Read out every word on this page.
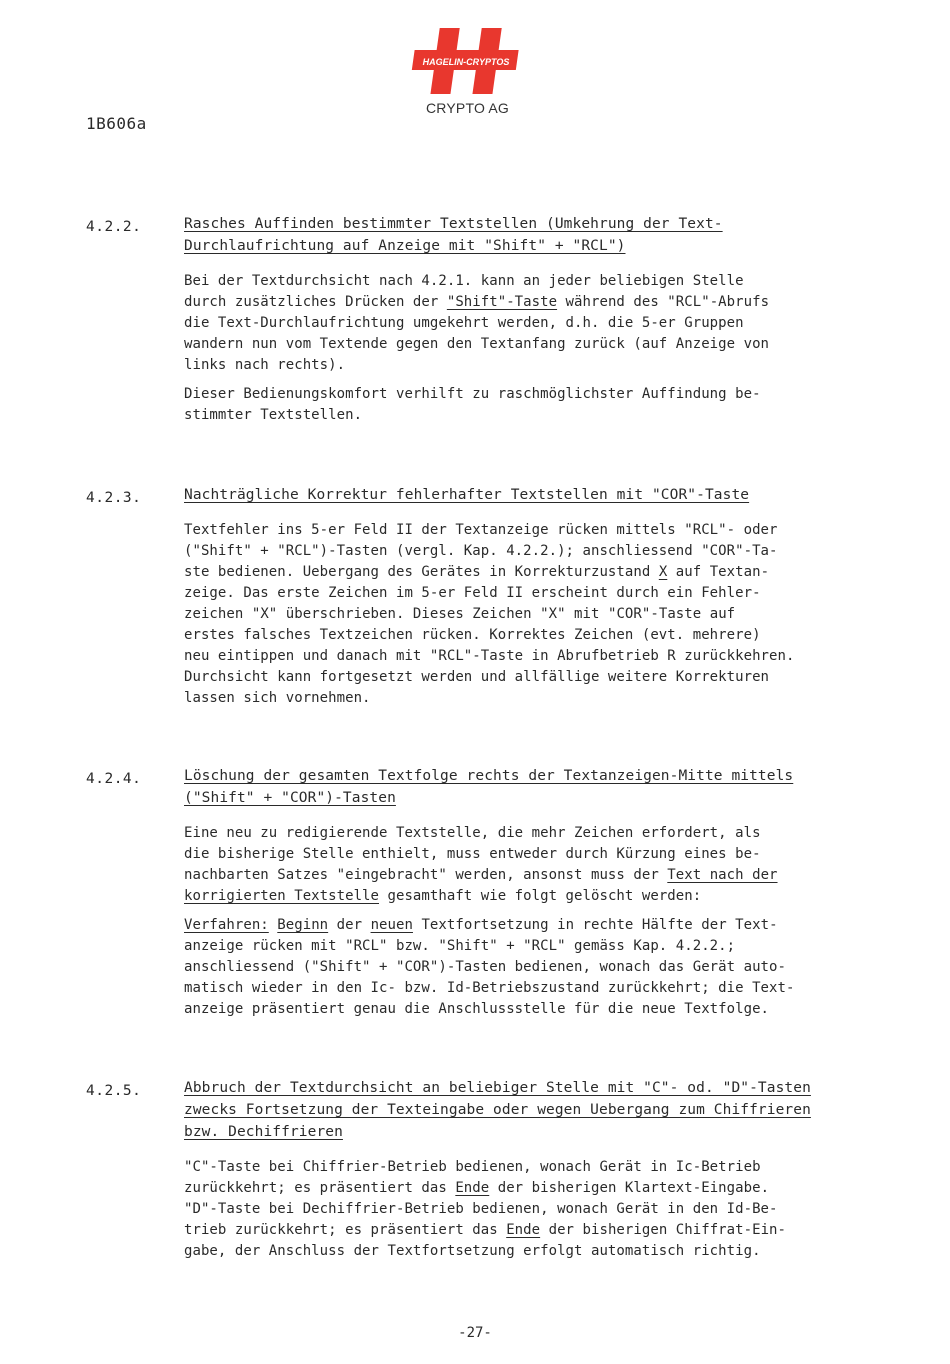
HAGELIN-CRYPTOS
CRYPTO AG
1B606a
4.2.2.	Rasches Auffinden bestimmter Textstellen (Umkehrung der Text-
Durchlaufrichtung auf Anzeige mit "Shift" + "RCL")
Bei der Textdurchsicht nach 4.2.1. kann an jeder beliebigen Stelle
durch zusätzliches Drücken der "Shift"-Taste während des "RCL"-Abrufs
die Text-Durchlaufrichtung umgekehrt werden, d.h. die 5-er Gruppen
wandern nun vom Textende gegen den Textanfang zurück (auf Anzeige von
links nach rechts).
Dieser Bedienungskomfort verhilft zu raschmöglichster Auffindung be-
stimmter Textstellen.
4.2.3.	Nachträgliche Korrektur fehlerhafter Textstellen mit "COR"-Taste
Textfehler ins 5-er Feld II der Textanzeige rücken mittels "RCL"- oder
("Shift" + "RCL")-Tasten (vergl. Kap. 4.2.2.); anschliessend "COR"-Ta-
ste bedienen. Uebergang des Gerätes in Korrekturzustand X auf Textan-
zeige. Das erste Zeichen im 5-er Feld II erscheint durch ein Fehler-
zeichen "X" überschrieben. Dieses Zeichen "X" mit "COR"-Taste auf
erstes falsches Textzeichen rücken. Korrektes Zeichen (evt. mehrere)
neu eintippen und danach mit "RCL"-Taste in Abrufbetrieb R zurückkehren.
Durchsicht kann fortgesetzt werden und allfällige weitere Korrekturen
lassen sich vornehmen.
4.2.4.	Löschung der gesamten Textfolge rechts der Textanzeigen-Mitte mittels
("Shift" + "COR")-Tasten
Eine neu zu redigierende Textstelle, die mehr Zeichen erfordert, als
die bisherige Stelle enthielt, muss entweder durch Kürzung eines be-
nachbarten Satzes "eingebracht" werden, ansonst muss der Text nach der
korrigierten Textstelle gesamthaft wie folgt gelöscht werden:
Verfahren: Beginn der neuen Textfortsetzung in rechte Hälfte der Text-
anzeige rücken mit "RCL" bzw. "Shift" + "RCL" gemäss Kap. 4.2.2.;
anschliessend ("Shift" + "COR")-Tasten bedienen, wonach das Gerät auto-
matisch wieder in den Ic- bzw. Id-Betriebszustand zurückkehrt; die Text-
anzeige präsentiert genau die Anschlussstelle für die neue Textfolge.
4.2.5.	Abbruch der Textdurchsicht an beliebiger Stelle mit "C"- od. "D"-Tasten
zwecks Fortsetzung der Texteingabe oder wegen Uebergang zum Chiffrieren
bzw. Dechiffrieren
"C"-Taste bei Chiffrier-Betrieb bedienen, wonach Gerät in Ic-Betrieb
zurückkehrt; es präsentiert das Ende der bisherigen Klartext-Eingabe.
"D"-Taste bei Dechiffrier-Betrieb bedienen, wonach Gerät in den Id-Be-
trieb zurückkehrt; es präsentiert das Ende der bisherigen Chiffrat-Ein-
gabe, der Anschluss der Textfortsetzung erfolgt automatisch richtig.
-27-
